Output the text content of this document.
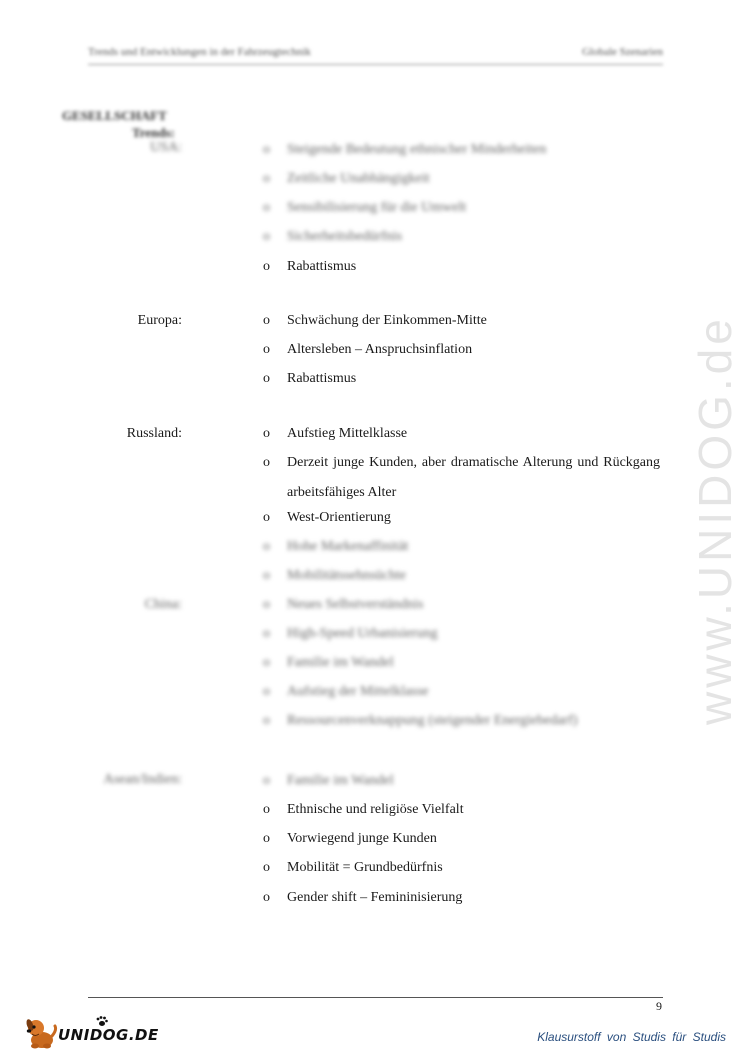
Trends und Entwicklungen in der Fahrzeugtechnik	Globale Szenarien
GESELLSCHAFT
Trends:
USA:	o	Steigende Bedeutung ethnischer Minderheiten
o	Zeitliche Unabhängigkeit
o	Sensibilisierung für die Umwelt
o	Sicherheitsbedürfnis
o	Rabattismus
Europa:	o	Schwächung der Einkommen-Mitte
o	Altersleben – Anspruchsinflation
o	Rabattismus
Russland:	o	Aufstieg Mittelklasse
o	Derzeit junge Kunden, aber dramatische Alterung und Rückgang arbeitsfähiges Alter
o	West-Orientierung
o	Hohe Markenaffinität
o	Mobilitätssehnsüchte
China:	o	Neues Selbstverständnis
o	High-Speed Urbanisierung
o	Familie im Wandel
o	Aufstieg der Mittelklasse
o	Ressourcenverknappung (steigender Energiebedarf)
Asean/Indien:	o	Familie im Wandel
o	Ethnische und religiöse Vielfalt
o	Vorwiegend junge Kunden
o	Mobilität = Grundbedürfnis
o	Gender shift – Femininisierung
www.UNIDOG.de
9
UNIDOG.DE	Klausurstoff von Studis für Studis
